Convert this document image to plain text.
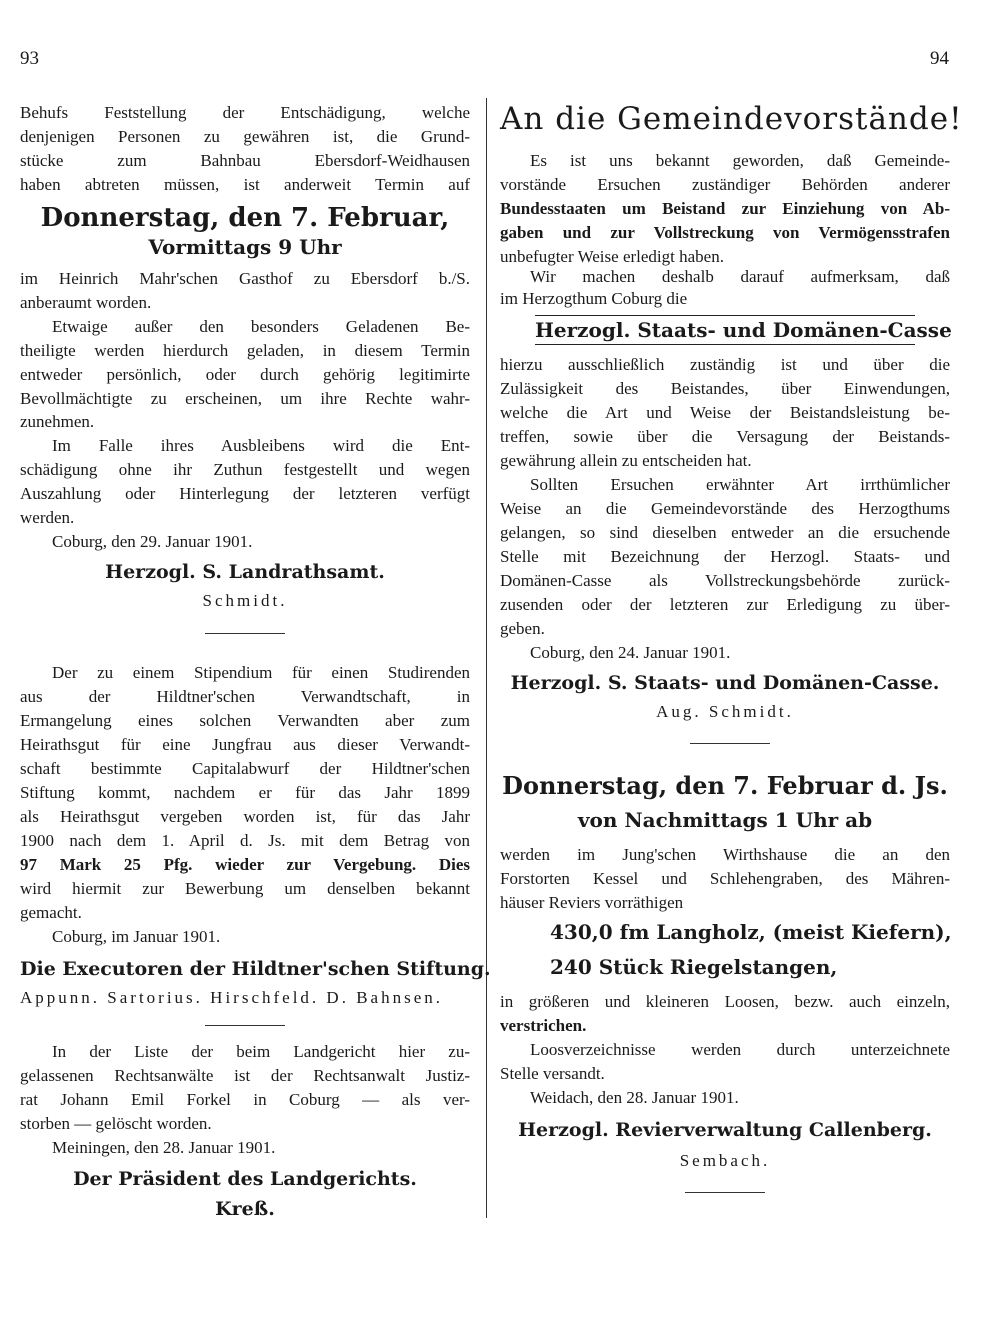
93	94
Behufs Feststellung der Entschädigung, welche
denjenigen Personen zu gewähren ist, die Grund-
stücke zum Bahnbau Ebersdorf-Weidhausen
haben abtreten müssen, ist anderweit Termin auf
Donnerstag, den 7. Februar,
Vormittags 9 Uhr
im Heinrich Mahr'schen Gasthof zu Ebersdorf b./S.
anberaumt worden.
Etwaige außer den besonders Geladenen Be-
theiligte werden hierdurch geladen, in diesem Termin
entweder persönlich, oder durch gehörig legitimirte
Bevollmächtigte zu erscheinen, um ihre Rechte wahr-
zunehmen.
Im Falle ihres Ausbleibens wird die Ent-
schädigung ohne ihr Zuthun festgestellt und wegen
Auszahlung oder Hinterlegung der letzteren verfügt
werden.
Coburg, den 29. Januar 1901.
Herzogl. S. Landrathsamt.
Schmidt.
Der zu einem Stipendium für einen Studirenden
aus der Hildtner'schen Verwandtschaft, in
Ermangelung eines solchen Verwandten aber zum
Heirathsgut für eine Jungfrau aus dieser Verwandt-
schaft bestimmte Capitalabwurf der Hildtner'schen
Stiftung kommt, nachdem er für das Jahr 1899
als Heirathsgut vergeben worden ist, für das Jahr
1900 nach dem 1. April d. Js. mit dem Betrag von
97 Mark 25 Pfg. wieder zur Vergebung. Dies
wird hiermit zur Bewerbung um denselben bekannt
gemacht.
Coburg, im Januar 1901.
Die Executoren der Hildtner'schen Stiftung.
Appunn. Sartorius. Hirschfeld. D. Bahnsen.
In der Liste der beim Landgericht hier zu-
gelassenen Rechtsanwälte ist der Rechtsanwalt Justiz-
rat Johann Emil Forkel in Coburg — als ver-
storben — gelöscht worden.
Meiningen, den 28. Januar 1901.
Der Präsident des Landgerichts.
Kreß.
An die Gemeindevorstände!
Es ist uns bekannt geworden, daß Gemeinde-
vorstände Ersuchen zuständiger Behörden anderer
Bundesstaaten um Beistand zur Einziehung von Ab-
gaben und zur Vollstreckung von Vermögensstrafen
unbefugter Weise erledigt haben.
Wir machen deshalb darauf aufmerksam, daß
im Herzogthum Coburg die
Herzogl. Staats- und Domänen-Casse
hierzu ausschließlich zuständig ist und über die
Zulässigkeit des Beistandes, über Einwendungen,
welche die Art und Weise der Beistandsleistung be-
treffen, sowie über die Versagung der Beistands-
gewährung allein zu entscheiden hat.
Sollten Ersuchen erwähnter Art irrthümlicher
Weise an die Gemeindevorstände des Herzogthums
gelangen, so sind dieselben entweder an die ersuchende
Stelle mit Bezeichnung der Herzogl. Staats- und
Domänen-Casse als Vollstreckungsbehörde zurück-
zusenden oder der letzteren zur Erledigung zu über-
geben.
Coburg, den 24. Januar 1901.
Herzogl. S. Staats- und Domänen-Casse.
Aug. Schmidt.
Donnerstag, den 7. Februar d. Js.
von Nachmittags 1 Uhr ab
werden im Jung'schen Wirthshause die an den
Forstorten Kessel und Schlehengraben, des Mähren-
häuser Reviers vorräthigen
430,0 fm Langholz, (meist Kiefern),
240 Stück Riegelstangen,
in größeren und kleineren Loosen, bezw. auch einzeln,
verstrichen.
Loosverzeichnisse werden durch unterzeichnete
Stelle versandt.
Weidach, den 28. Januar 1901.
Herzogl. Revierverwaltung Callenberg.
Sembach.
